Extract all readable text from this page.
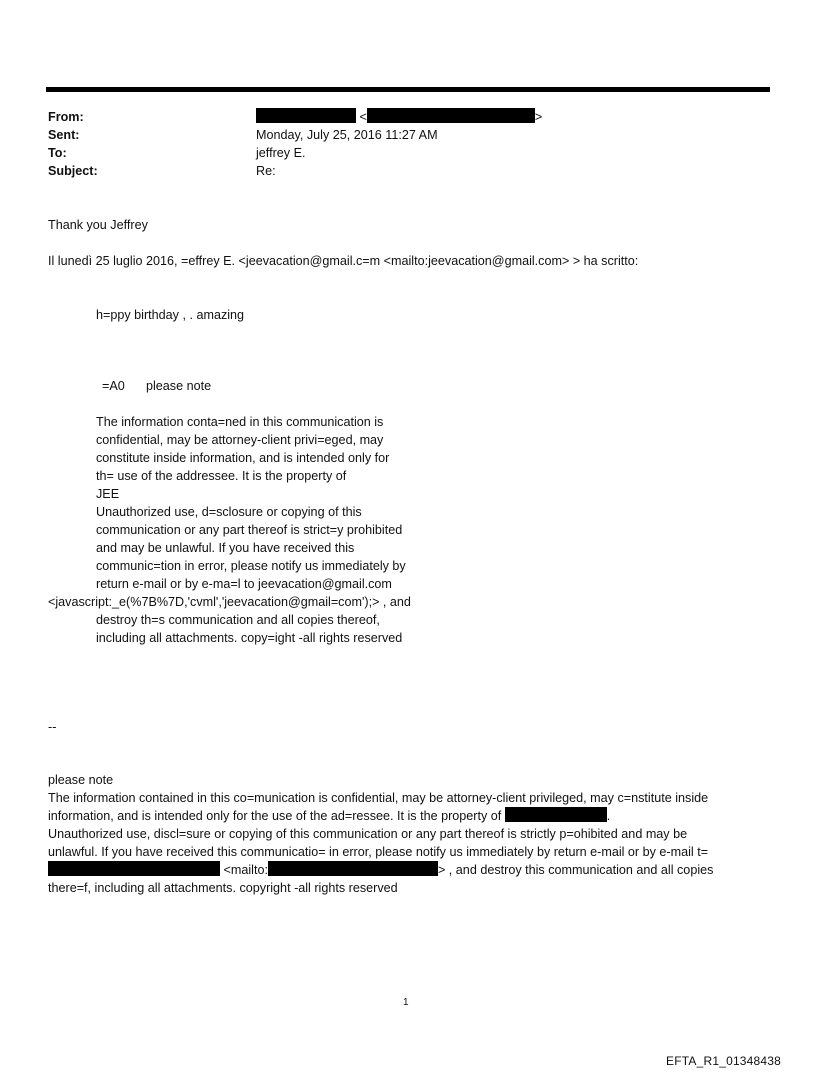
From:	<	>
Sent:	Monday, July 25, 2016 11:27 AM
To:	jeffrey E.
Subject:	Re:
Thank you Jeffrey
Il lunedì 25 luglio 2016, =effrey E. <jeevacation@gmail.c=m <mailto:jeevacation@gmail.com> > ha scritto:
h=ppy birthday , . amazing
=A0 please note
The information conta=ned in this communication is
confidential, may be attorney-client privi=eged, may
constitute inside information, and is intended only for
th= use of the addressee. It is the property of
JEE
Unauthorized use, d=sclosure or copying of this
communication or any part thereof is strict=y prohibited
and may be unlawful. If you have received this
communic=tion in error, please notify us immediately by
return e-mail or by e-ma=l to jeevacation@gmail.com
<javascript:_e(%7B%7D,'cvml','jeevacation@gmail=com');> , and
destroy th=s communication and all copies thereof,
including all attachments. copy=ight -all rights reserved
--
please note
The information contained in this co=munication is confidential, may be attorney-client privileged, may c=nstitute inside
information, and is intended only for the use of the ad=ressee. It is the property of	.
Unauthorized use, discl=sure or copying of this communication or any part thereof is strictly p=ohibited and may be
unlawful. If you have received this communicatio= in error, please notify us immediately by return e-mail or by e-mail t=
<mailto:	> , and destroy this communication and all copies
there=f, including all attachments. copyright -all rights reserved
1
EFTA_R1_01348438
